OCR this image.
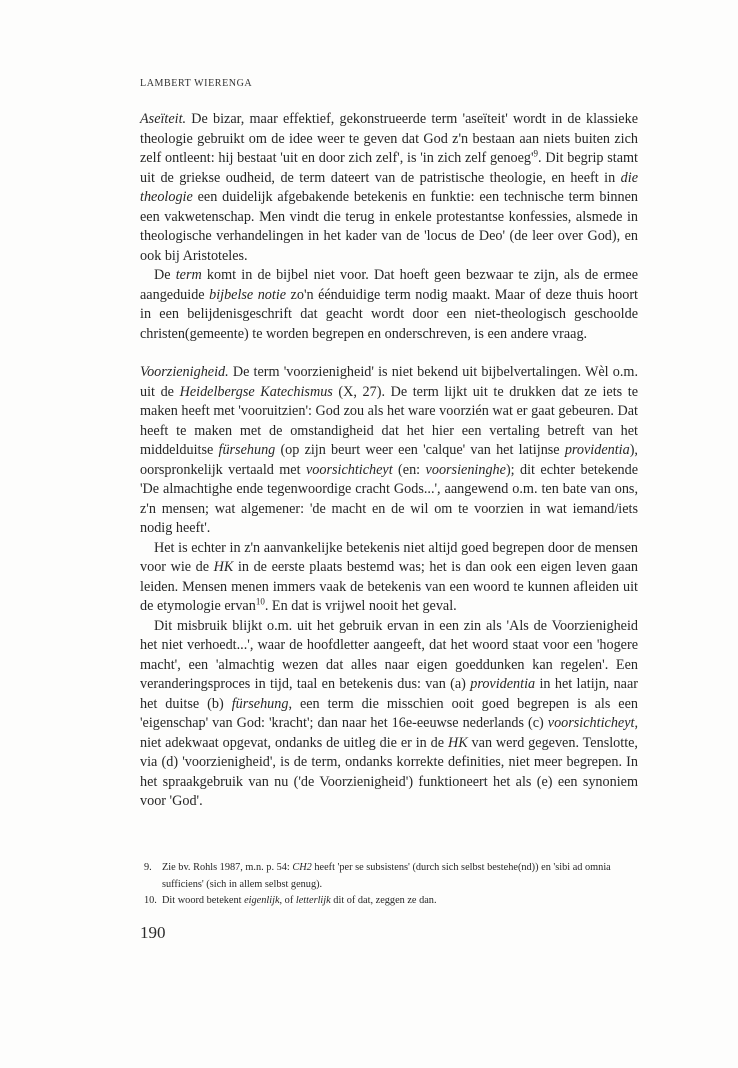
LAMBERT WIERENGA

Aseïteit. De bizar, maar effektief, gekonstrueerde term 'aseïteit' wordt in de klassieke theologie gebruikt om de idee weer te geven dat God z'n bestaan aan niets buiten zich zelf ontleent: hij bestaat 'uit en door zich zelf', is 'in zich zelf $genoeg'^9$. Dit begrip stamt uit de griekse oudheid, de term dateert van de patristische theologie, en heeft in die theologie een duidelijk afgebakende betekenis en funktie: een technische term binnen een vakwetenschap. Men vindt die terug in enkele protestantse konfessies, alsmede in theologische verhandelingen in het kader van de 'locus de Deo' (de leer over God), en ook bij Aristoteles.

De term komt in de bijbel niet voor. Dat hoeft geen bezwaar te zijn, als de ermee aangeduide bijbelse notie zo'n éénduidige term nodig maakt. Maar of deze thuis hoort in een belijdenisgeschrift dat geacht wordt door een niet-theologisch geschoolde christen(gemeente) te worden begrepen en onderschreven, is een andere vraag.

Voorzienigheid. De term 'voorzienigheid' is niet bekend uit bijbelvertalingen. Wèl o.m. uit de Heidelbergse Katechismus (X, 27). De term lijkt uit te drukken dat ze iets te maken heeft met 'vooruitzien': God zou als het ware voorzién wat er gaat gebeuren. Dat heeft te maken met de omstandigheid dat het hier een vertaling betreft van het middelduitse fürsehung (op zijn beurt weer een 'calque' van het latijnse providentia), oorspronkelijk vertaald met voorsichticheyt (en: voorsieninghe); dit echter betekende 'De almachtighe ende tegenwoordige cracht Gods...', aangewend o.m. ten bate van ons, z'n mensen; wat algemener: 'de macht en de wil om te voorzien in wat iemand/iets nodig heeft'.

Het is echter in z'n aanvankelijke betekenis niet altijd goed begrepen door de mensen voor wie de HK in de eerste plaats bestemd was; het is dan ook een eigen leven gaan leiden. Mensen menen immers vaak de betekenis van een woord te kunnen afleiden uit de etymologie ervan$^{10}$. En dat is vrijwel nooit het geval.

Dit misbruik blijkt o.m. uit het gebruik ervan in een zin als 'Als de Voorzienigheid het niet verhoedt...', waar de hoofdletter aangeeft, dat het woord staat voor een 'hogere macht', een 'almachtig wezen dat alles naar eigen goeddunken kan regelen'. Een veranderingsproces in tijd, taal en betekenis dus: van (a) providentia in het latijn, naar het duitse (b) fürsehung, een term die misschien ooit goed begrepen is als een 'eigenschap' van God: 'kracht'; dan naar het 16e-eeuwse nederlands (c) voorsichticheyt, niet adekwaat opgevat, ondanks de uitleg die er in de HK van werd gegeven. Tenslotte, via (d) 'voorzienigheid', is de term, ondanks korrekte definities, niet meer begrepen. In het spraakgebruik van nu ('de Voorzienigheid') funktioneert het als (e) een synoniem voor 'God'.

9. Zie bv. Rohls 1987, m.n. p. 54: CH2 heeft 'per se subsistens' (durch sich selbst bestehe(nd)) en 'sibi ad omnia sufficiens' (sich in allem selbst genug).
10. Dit woord betekent eigenlijk, of letterlijk dit of dat, zeggen ze dan.
190
